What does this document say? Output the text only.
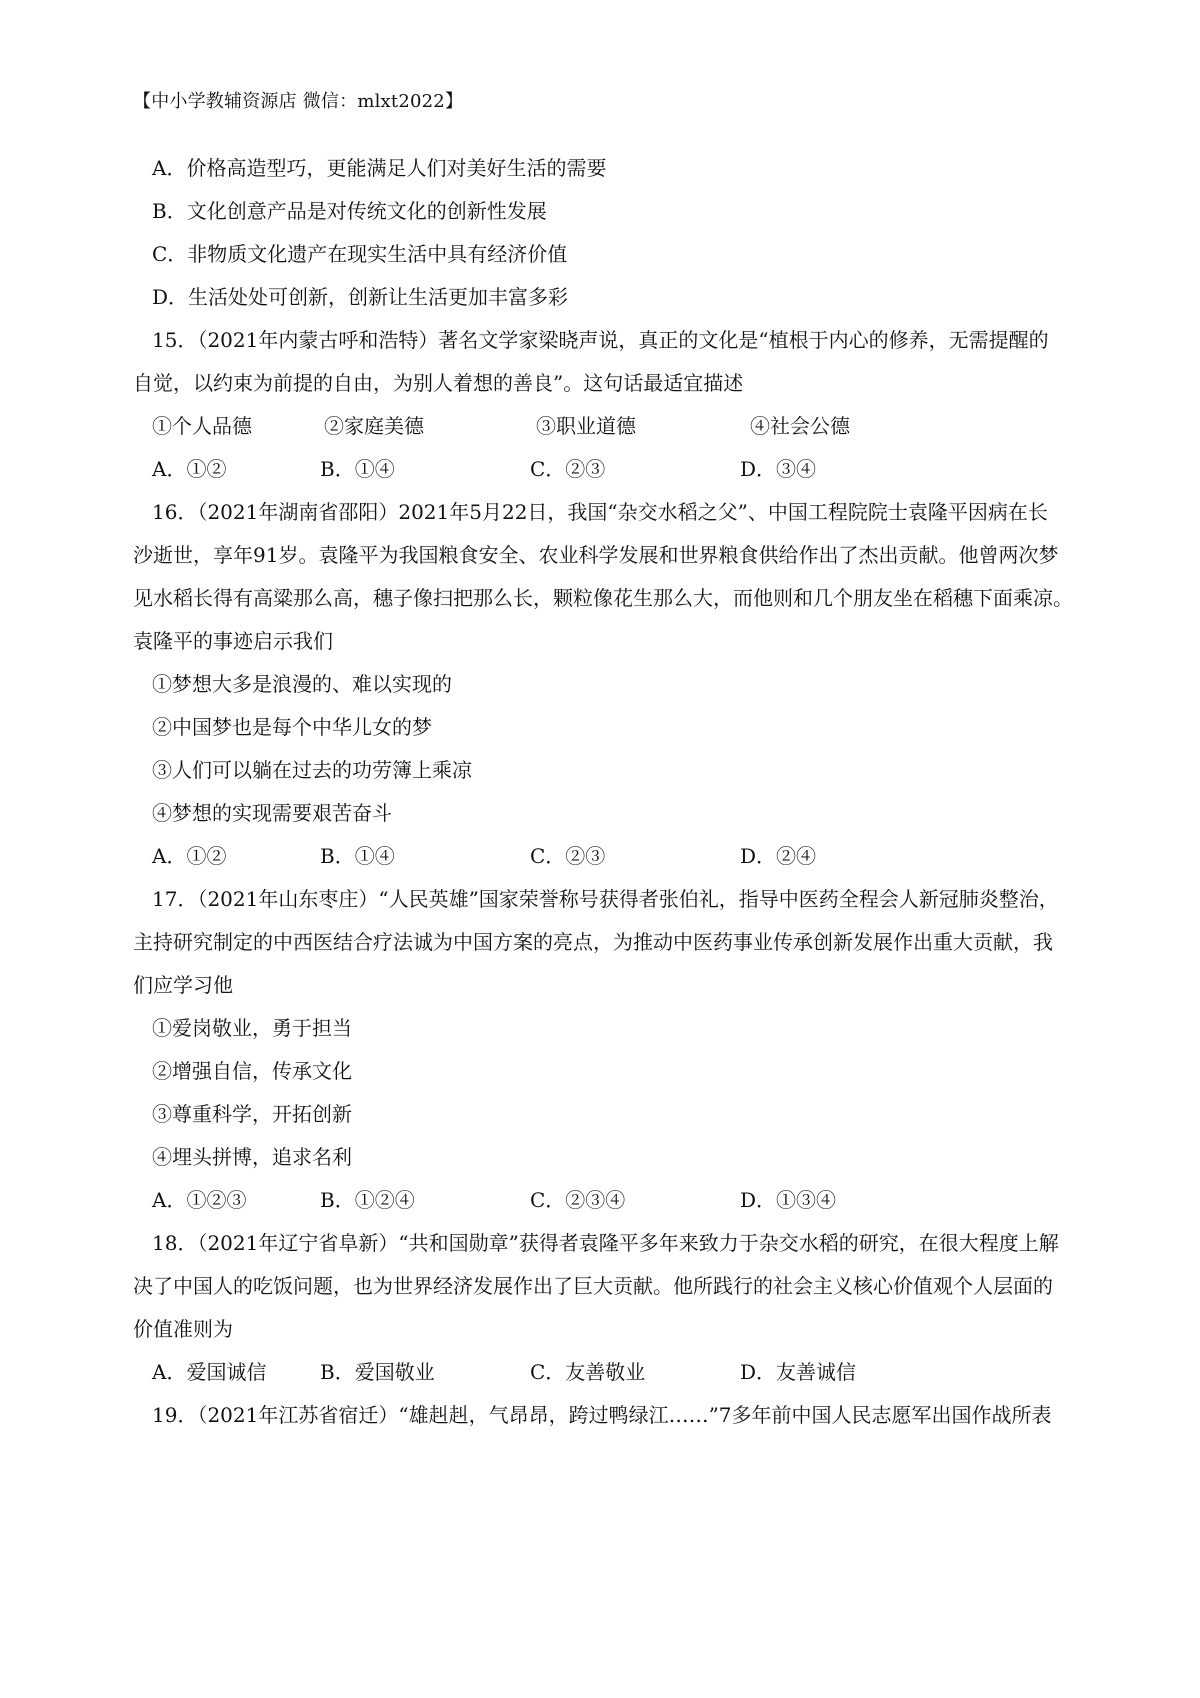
【中小学教辅资源店 微信：mlxt2022】
A．价格高造型巧，更能满足人们对美好生活的需要
B．文化创意产品是对传统文化的创新性发展
C．非物质文化遗产在现实生活中具有经济价值
D．生活处处可创新，创新让生活更加丰富多彩
15．（2021年内蒙古呼和浩特）著名文学家梁晓声说，真正的文化是“植根于内心的修养，无需提醒的
自觉，以约束为前提的自由，为别人着想的善良”。这句话最适宜描述
①个人品德	②家庭美德	③职业道德	④社会公德
A．①②	B．①④	C．②③	D．③④
16．（2021年湖南省邵阳）2021年5月22日，我国“杂交水稻之父”、中国工程院院士袁隆平因病在长
沙逝世，享年91岁。袁隆平为我国粮食安全、农业科学发展和世界粮食供给作出了杰出贡献。他曾两次梦
见水稻长得有高粱那么高，穗子像扫把那么长，颗粒像花生那么大，而他则和几个朋友坐在稻穗下面乘凉。
袁隆平的事迹启示我们
①梦想大多是浪漫的、难以实现的
②中国梦也是每个中华儿女的梦
③人们可以躺在过去的功劳簿上乘凉
④梦想的实现需要艰苦奋斗
A．①②	B．①④	C．②③	D．②④
17．（2021年山东枣庄）“人民英雄”国家荣誉称号获得者张伯礼，指导中医药全程会人新冠肺炎整治，
主持研究制定的中西医结合疗法诚为中国方案的亮点，为推动中医药事业传承创新发展作出重大贡献，我
们应学习他
①爱岗敬业，勇于担当
②增强自信，传承文化
③尊重科学，开拓创新
④埋头拼博，追求名利
A．①②③	B．①②④	C．②③④	D．①③④
18．（2021年辽宁省阜新）“共和国勋章”获得者袁隆平多年来致力于杂交水稻的研究，在很大程度上解
决了中国人的吃饭问题，也为世界经济发展作出了巨大贡献。他所践行的社会主义核心价值观个人层面的
价值准则为
A．爱国诚信	B．爱国敬业	C．友善敬业	D．友善诚信
19．（2021年江苏省宿迁）“雄赳赳，气昂昂，跨过鸭绿江……”7多年前中国人民志愿军出国作战所表
